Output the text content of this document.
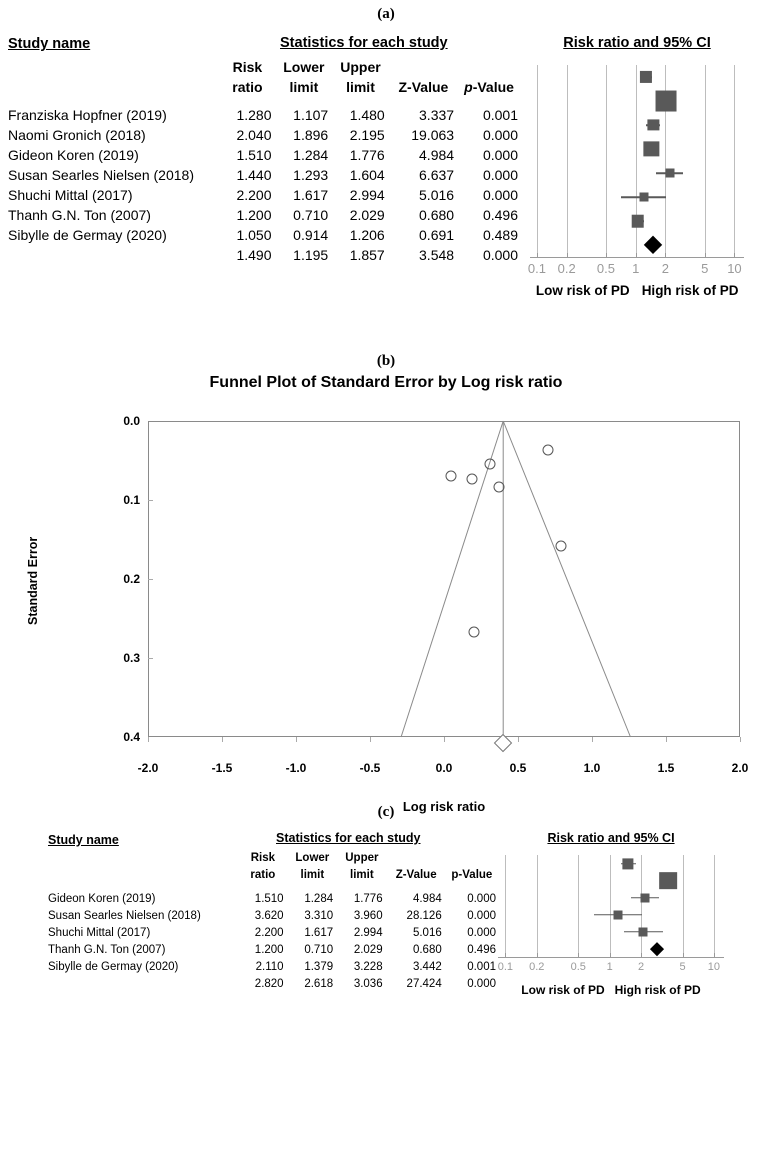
(a)
Study name	Statistics for each study
	Risk	Lower	Upper		
	ratio	limit	limit	Z-Value	p-Value

Franziska Hopfner (2019)	1.280	1.107	1.480	3.337	0.001
Naomi Gronich (2018)	2.040	1.896	2.195	19.063	0.000
Gideon Koren (2019)	1.510	1.284	1.776	4.984	0.000
Susan Searles Nielsen (2018)	1.440	1.293	1.604	6.637	0.000
Shuchi Mittal (2017)	2.200	1.617	2.994	5.016	0.000
Thanh G.N. Ton (2007)	1.200	0.710	2.029	0.680	0.496
Sibylle de Germay (2020)	1.050	0.914	1.206	0.691	0.489
	1.490	1.195	1.857	3.548	0.000
Risk ratio and 95% CI
0.1 0.2 0.5 1 2 5 10
Low risk of PD High risk of PD
(b)
Funnel Plot of Standard Error by Log risk ratio
0.0
0.1
0.2
0.3
0.4
Standard Error
-2.0	-1.5	-1.0	-0.5	0.0	0.5	1.0	1.5	2.0
Log risk ratio
(c)
Study name	Statistics for each study
	Risk	Lower	Upper		
	ratio	limit	limit	Z-Value	p-Value

Gideon Koren (2019)	1.510	1.284	1.776	4.984	0.000
Susan Searles Nielsen (2018)	3.620	3.310	3.960	28.126	0.000
Shuchi Mittal (2017)	2.200	1.617	2.994	5.016	0.000
Thanh G.N. Ton (2007)	1.200	0.710	2.029	0.680	0.496
Sibylle de Germay (2020)	2.110	1.379	3.228	3.442	0.001
	2.820	2.618	3.036	27.424	0.000
Risk ratio and 95% CI
0.1 0.2 0.5 1 2	5 10
Low risk of PD High risk of PD
